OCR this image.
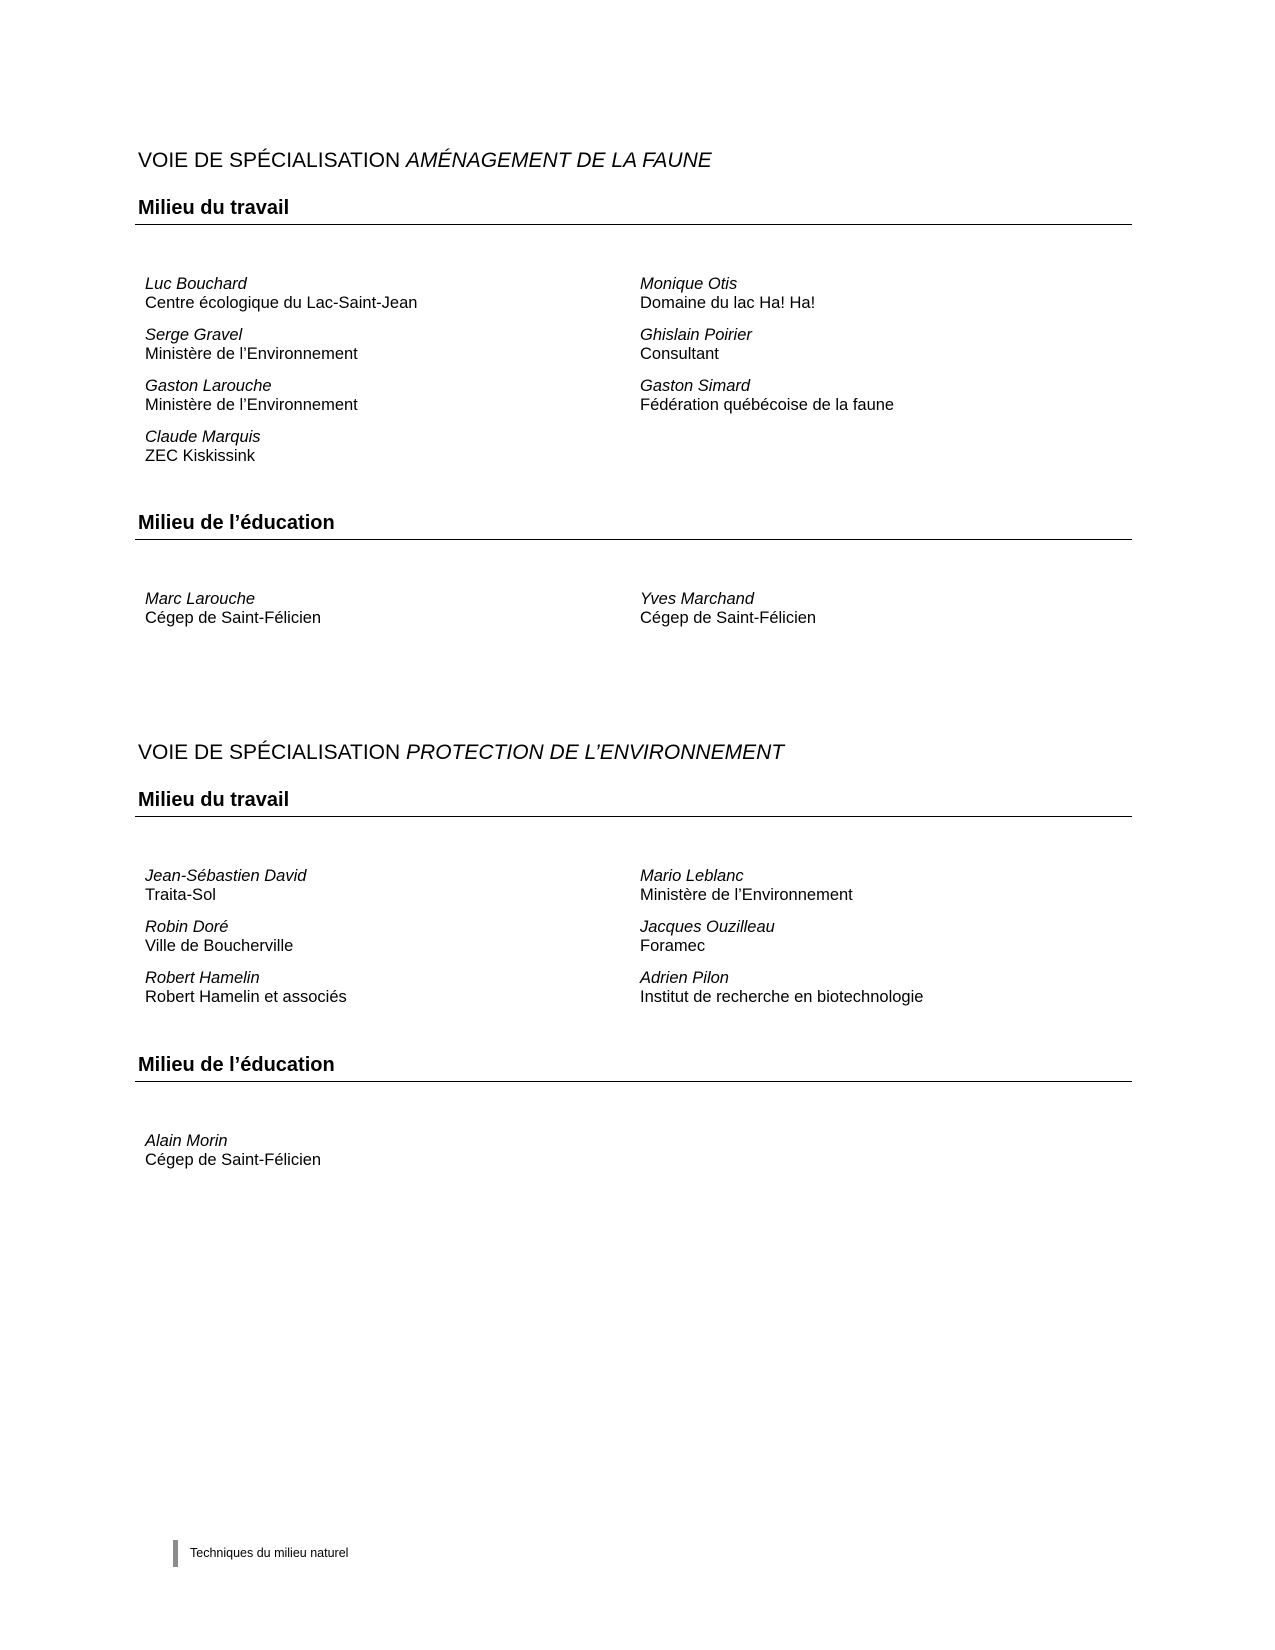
VOIE DE SPÉCIALISATION AMÉNAGEMENT DE LA FAUNE
Milieu du travail
Luc Bouchard
Centre écologique du Lac-Saint-Jean
Serge Gravel
Ministère de l’Environnement
Gaston Larouche
Ministère de l’Environnement
Claude Marquis
ZEC Kiskissink
Monique Otis
Domaine du lac Ha! Ha!
Ghislain Poirier
Consultant
Gaston Simard
Fédération québécoise de la faune
Milieu de l’éducation
Marc Larouche
Cégep de Saint-Félicien
Yves Marchand
Cégep de Saint-Félicien
VOIE DE SPÉCIALISATION PROTECTION DE L’ENVIRONNEMENT
Milieu du travail
Jean-Sébastien David
Traita-Sol
Robin Doré
Ville de Boucherville
Robert Hamelin
Robert Hamelin et associés
Mario Leblanc
Ministère de l’Environnement
Jacques Ouzilleau
Foramec
Adrien Pilon
Institut de recherche en biotechnologie
Milieu de l’éducation
Alain Morin
Cégep de Saint-Félicien
Techniques du milieu naturel
